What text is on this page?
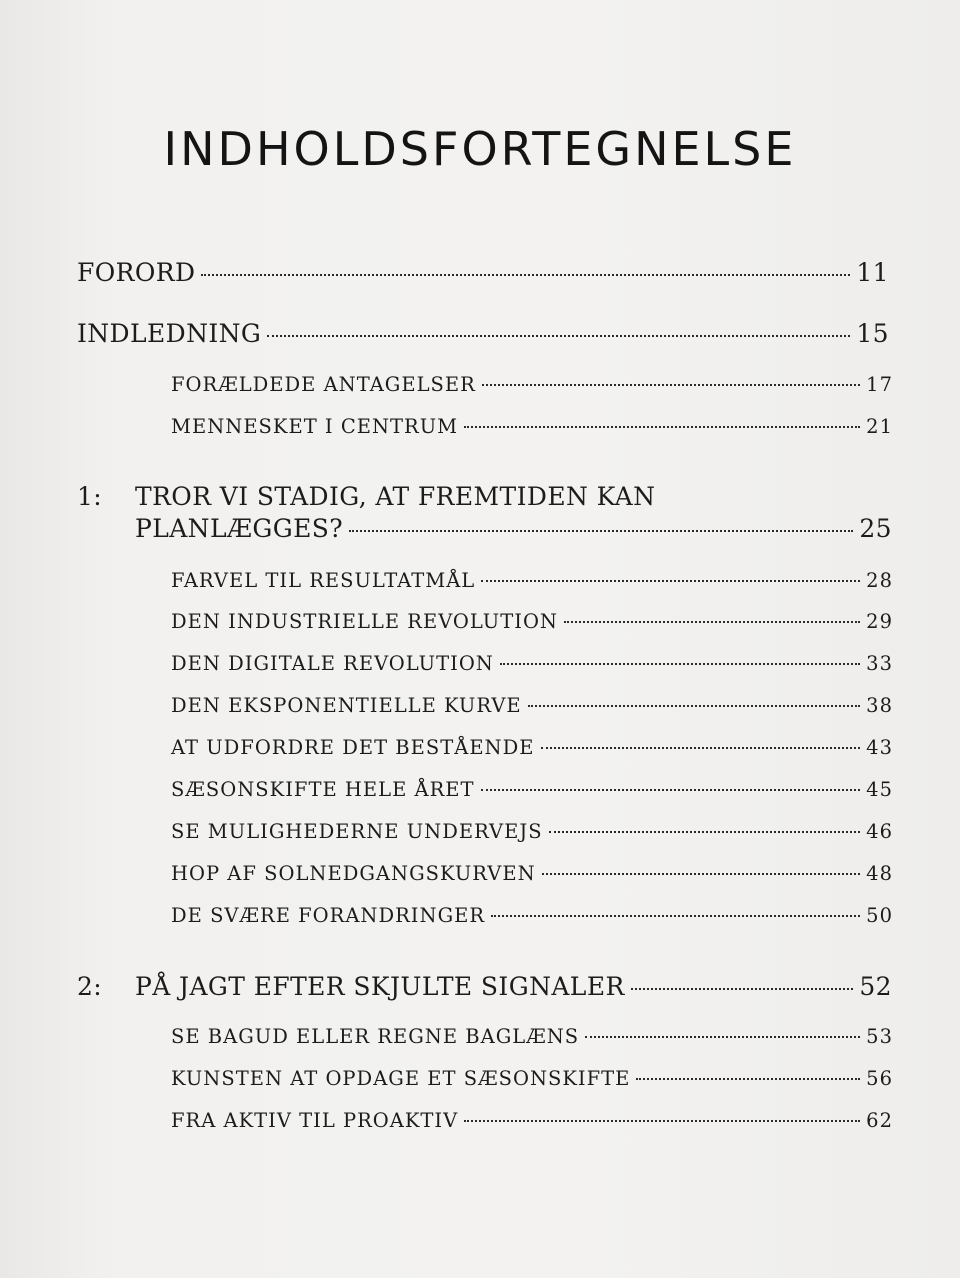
INDHOLDSFORTEGNELSE
FORORD	11
INDLEDNING	15
FORÆLDEDE ANTAGELSER	17
MENNESKET I CENTRUM	21
1: TROR VI STADIG, AT FREMTIDEN KAN
PLANLÆGGES?	25
FARVEL TIL RESULTATMÅL	28
DEN INDUSTRIELLE REVOLUTION	29
DEN DIGITALE REVOLUTION	33
DEN EKSPONENTIELLE KURVE	38
AT UDFORDRE DET BESTÅENDE	43
SÆSONSKIFTE HELE ÅRET	45
SE MULIGHEDERNE UNDERVEJS	46
HOP AF SOLNEDGANGSKURVEN	48
DE SVÆRE FORANDRINGER	50
2: PÅ JAGT EFTER SKJULTE SIGNALER	52
SE BAGUD ELLER REGNE BAGLÆNS	53
KUNSTEN AT OPDAGE ET SÆSONSKIFTE	56
FRA AKTIV TIL PROAKTIV	62
